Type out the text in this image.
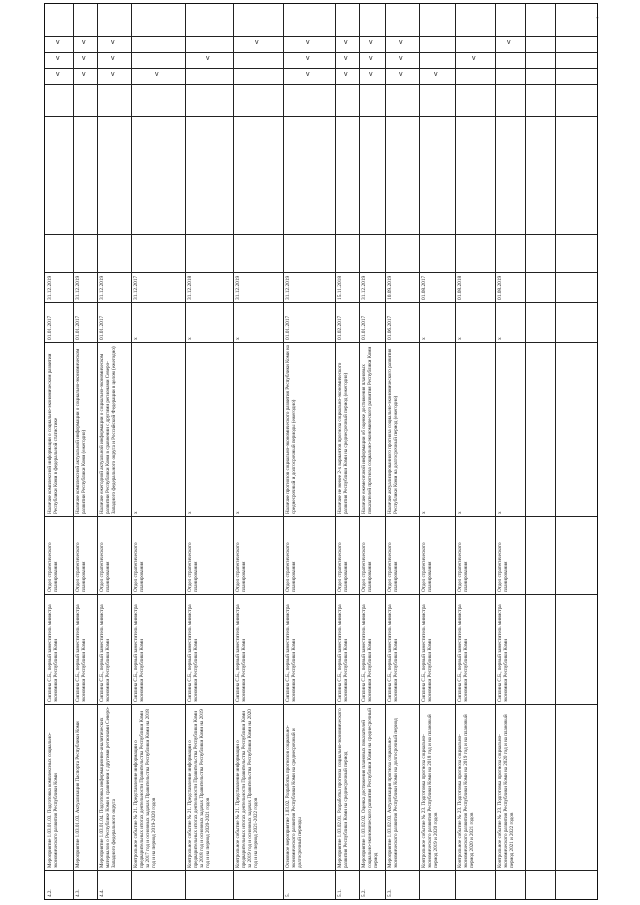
-
4.2.
Мероприятие 1.03.01.03. Подготовка комплексных социально-экономического развития Республики Коми
Сиплина С.Б., первый заместитель министра экономики Республики Коми
Отдел стратегического планирования
Наличие комплексной информации о социально-экономическом развитии Республики Коми в федеральной статистике
01.01.2017
31.12.2019
v
v
v
4.3.
Мероприятие 1.03.01.03. Актуализация Паспорта Республики Коми
Сиплина С.Б., первый заместитель министра экономики Республики Коми
Отдел стратегического планирования
Наличие комплексной актуальной информации о социально-экономическом развитии Республики Коми (ежегодно)
01.01.2017
31.12.2019
v
v
v
4.4.
Мероприятие 1.03.01.04. Подготовка информационно-аналитических материалов о Республике Коми в сравнении с другими регионами Северо-Западного федерального округа
Сиплина С.Б., первый заместитель министра экономики Республики Коми
Отдел стратегического планирования
Наличие ежегодной актуальной информации о социально-экономическом развитии Республики Коми в сравнении с другими регионами Северо-Западного федерального округа и Российской Федерации в целом (ежегодно)
01.01.2017
31.12.2019
v
v
v
Контрольное событие № 21. Представление информации о предварительных итогах деятельности Правительства Республики Коми за 2017 год и основных задачах Правительства Республики Коми на 2018 год и на период 2019-2020 годов
Сиплина С.Б., первый заместитель министра экономики Республики Коми
Отдел стратегического планирования
х
х
31.12.2017
v
Контрольное событие № 21. Представление информации о предварительных итогах деятельности Правительства Республики Коми за 2018 год и основных задачах Правительства Республики Коми на 2019 год и на период 2020-2021 годов
Сиплина С.Б., первый заместитель министра экономики Республики Коми
Отдел стратегического планирования
х
х
31.12.2018
v
Контрольное событие № 21. Представление информации о предварительных итогах деятельности Правительства Республики Коми за 2019 год и основных задачах Правительства Республики Коми на 2020 год и на период 2021-2022 годов
Сиплина С.Б., первый заместитель министра экономики Республики Коми
Отдел стратегического планирования
х
х
31.12.2019
v
5.
Основное мероприятие 1.03.02. Разработка прогнозов социально-экономического развития Республики Коми на среднесрочный и долгосрочный периоды
Сиплина С.Б., первый заместитель министра экономики Республики Коми
Отдел стратегического планирования
Наличие прогнозов социально-экономического развития Республики Коми на среднесрочный и долгосрочный периоды (ежегодно)
01.01.2017
31.12.2019
v
v
v
5.1.
Мероприятие 1.03.02.01. Разработка прогноза социально-экономического развития Республики Коми на среднесрочный период
Сиплина С.Б., первый заместитель министра экономики Республики Коми
Отдел стратегического планирования
Наличие не менее 2-х вариантов прогноза социально-экономического развития Республики Коми на среднесрочный период (ежегодно)
01.02.2017
15.11.2018
v
v
v
5.2.
Мероприятие 1.03.02.02. Оценка достижения плановых показателей социально-экономического развития Республики Коми на среднесрочный период
Сиплина С.Б., первый заместитель министра экономики Республики Коми
Отдел стратегического планирования
Наличие ежемесячной информации об оценке достижения плановых показателей прогноза социально-экономического развития Республики Коми
01.01.2017
31.12.2019
v
v
v
5.3.
Мероприятие 1.03.02.03. Актуализация прогноза социально-экономического развития Республики Коми на долгосрочный период
Сиплина С.Б., первый заместитель министра экономики Республики Коми
Отдел стратегического планирования
Наличие актуализированного прогноза социально-экономического развития Республики Коми на долгосрочный период (ежегодно)
01.06.2017
10.09.2019
v
v
v
Контрольное событие № 23. Подготовка прогноза социально-экономического развития Республики Коми на 2018 год и на плановый период 2019 и 2020 годов
Сиплина С.Б., первый заместитель министра экономики Республики Коми
Отдел стратегического планирования
х
х
01.08.2017
v
Контрольное событие № 23. Подготовка прогноза социально-экономического развития Республики Коми на 2019 год и на плановый период 2020 и 2021 годов
Сиплина С.Б., первый заместитель министра экономики Республики Коми
Отдел стратегического планирования
х
х
01.08.2018
v
Контрольное событие № 23. Подготовка прогноза социально-экономического развития Республики Коми на 2020 год и на плановый период 2021 и 2022 годов
Сиплина С.Б., первый заместитель министра экономики Республики Коми
Отдел стратегического планирования
х
х
01.08.2019
v
